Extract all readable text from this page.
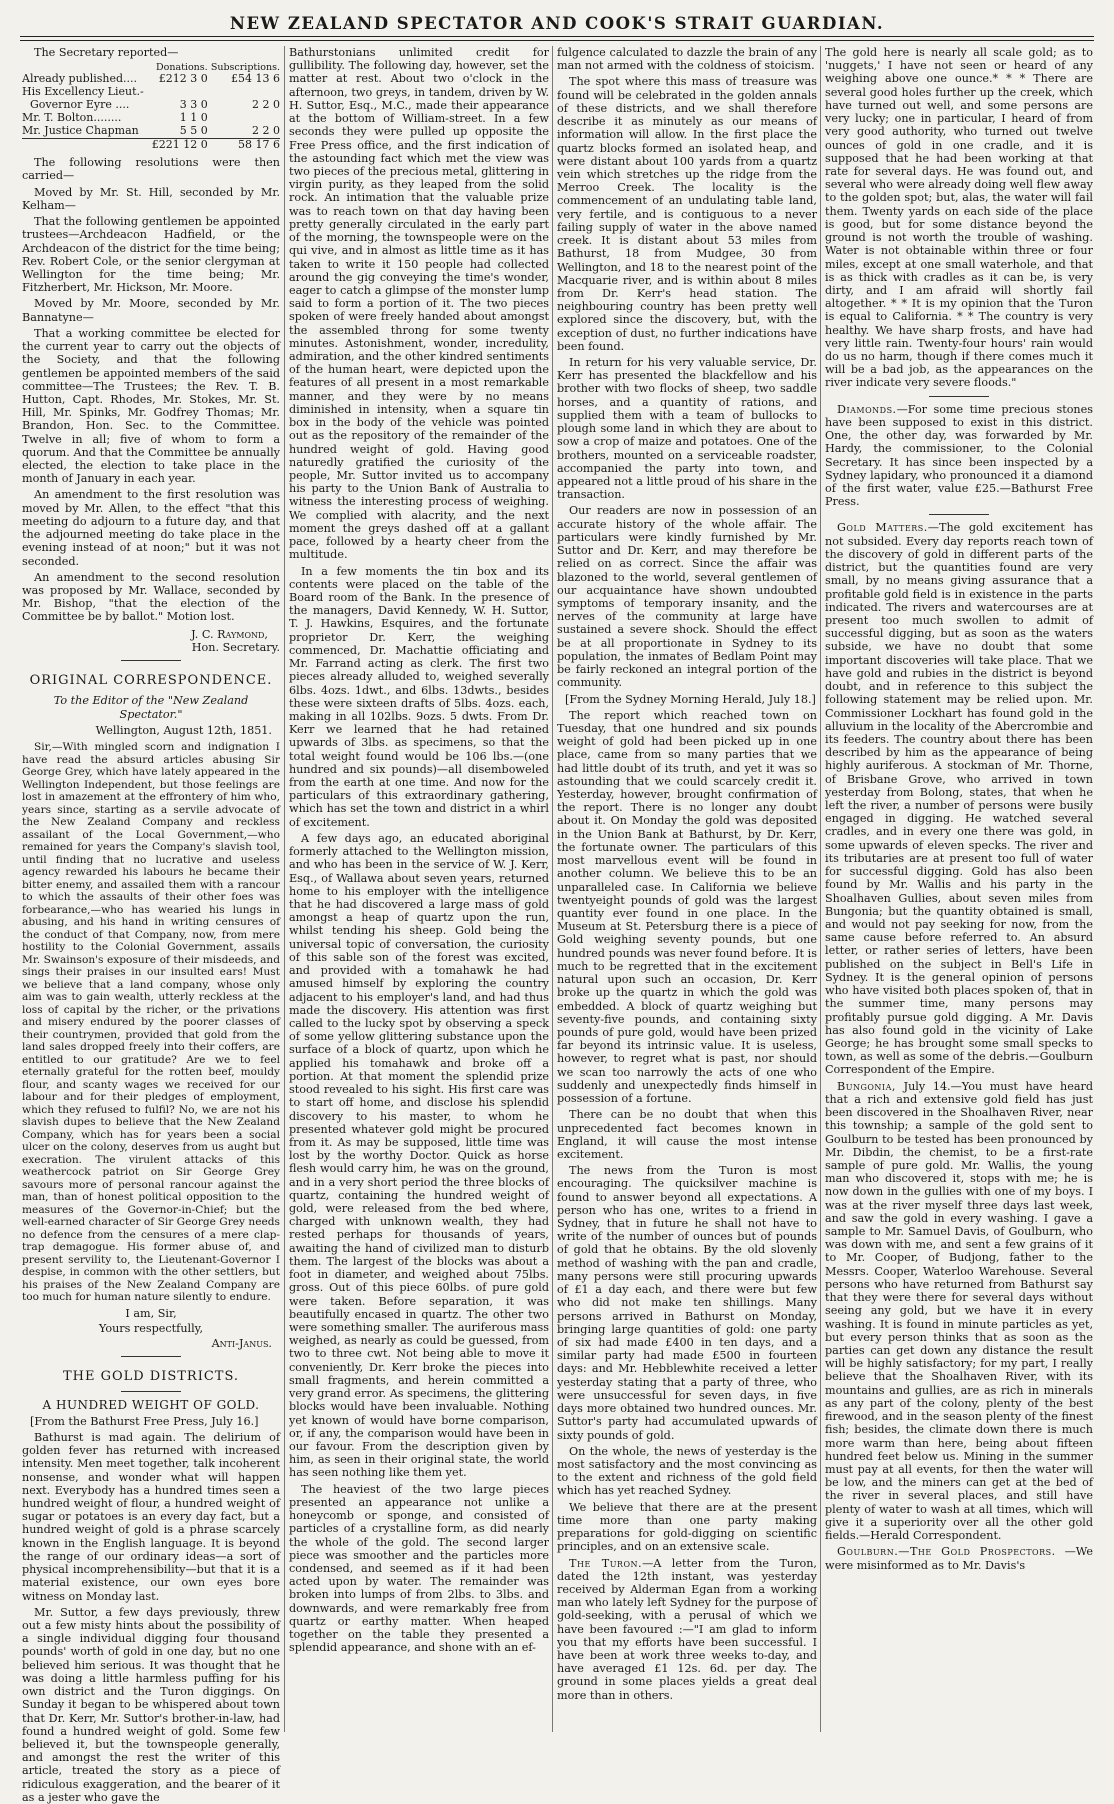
NEW ZEALAND SPECTATOR AND COOK'S STRAIT GUARDIAN.

The Secretary reported—

	Donations.	Subscriptions.
Already published....	£212 3 0	£54 13 6
His Excellency Lieut.-		
Governor Eyre ....	3 3 0	2 2 0
Mr. T. Bolton........	1 1 0	
Mr. Justice Chapman	5 5 0	2 2 0
	£221 12 0	58 17 6

The following resolutions were then carried—

Moved by Mr. St. Hill, seconded by Mr. Kelham—

That the following gentlemen be appointed trustees—Archdeacon Hadfield, or the Archdeacon of the district for the time being; Rev. Robert Cole, or the senior clergyman at Wellington for the time being; Mr. Fitzherbert, Mr. Hickson, Mr. Moore.

Moved by Mr. Moore, seconded by Mr. Bannatyne—

That a working committee be elected for the current year to carry out the objects of the Society, and that the following gentlemen be appointed members of the said committee—The Trustees; the Rev. T. B. Hutton, Capt. Rhodes, Mr. Stokes, Mr. St. Hill, Mr. Spinks, Mr. Godfrey Thomas; Mr. Brandon, Hon. Sec. to the Committee. Twelve in all; five of whom to form a quorum. And that the Committee be annually elected, the election to take place in the month of January in each year.

An amendment to the first resolution was moved by Mr. Allen, to the effect "that this meeting do adjourn to a future day, and that the adjourned meeting do take place in the evening instead of at noon;" but it was not seconded.

An amendment to the second resolution was proposed by Mr. Wallace, seconded by Mr. Bishop, "that the election of the Committee be by ballot." Motion lost.

J. C. Raymond,

Hon. Secretary.

ORIGINAL CORRESPONDENCE.

To the Editor of the "New Zealand Spectator."

Wellington, August 12th, 1851.

Sir,—With mingled scorn and indignation I have read the absurd articles abusing Sir George Grey, which have lately appeared in the Wellington Independent, but those feelings are lost in amazement at the effrontery of him who, years since, starting as a servile advocate of the New Zealand Company and reckless assailant of the Local Government,—who remained for years the Company's slavish tool, until finding that no lucrative and useless agency rewarded his labours he became their bitter enemy, and assailed them with a rancour to which the assaults of their other foes was forbearance,—who has wearied his lungs in abusing, and his hand in writing censures of the conduct of that Company, now, from mere hostility to the Colonial Government, assails Mr. Swainson's exposure of their misdeeds, and sings their praises in our insulted ears! Must we believe that a land company, whose only aim was to gain wealth, utterly reckless at the loss of capital by the richer, or the privations and misery endured by the poorer classes of their countrymen, provided that gold from the land sales dropped freely into their coffers, are entitled to our gratitude? Are we to feel eternally grateful for the rotten beef, mouldy flour, and scanty wages we received for our labour and for their pledges of employment, which they refused to fulfil? No, we are not his slavish dupes to believe that the New Zealand Company, which has for years been a social ulcer on the colony, deserves from us aught but execration. The virulent attacks of this weathercock patriot on Sir George Grey savours more of personal rancour against the man, than of honest political opposition to the measures of the Governor-in-Chief; but the well-earned character of Sir George Grey needs no defence from the censures of a mere clap-trap demagogue. His former abuse of, and present servility to, the Lieutenant-Governor I despise, in common with the other settlers, but his praises of the New Zealand Company are too much for human nature silently to endure.

I am, Sir,

Yours respectfully,

Anti-Janus.

THE GOLD DISTRICTS.

A HUNDRED WEIGHT OF GOLD.

[From the Bathurst Free Press, July 16.]

Bathurst is mad again. The delirium of golden fever has returned with increased intensity. Men meet together, talk incoherent nonsense, and wonder what will happen next. Everybody has a hundred times seen a hundred weight of flour, a hundred weight of sugar or potatoes is an every day fact, but a hundred weight of gold is a phrase scarcely known in the English language. It is beyond the range of our ordinary ideas—a sort of physical incomprehensibility—but that it is a material existence, our own eyes bore witness on Monday last.

Mr. Suttor, a few days previously, threw out a few misty hints about the possibility of a single individual digging four thousand pounds' worth of gold in one day, but no one believed him serious. It was thought that he was doing a little harmless puffing for his own district and the Turon diggings. On Sunday it began to be whispered about town that Dr. Kerr, Mr. Suttor's brother-in-law, had found a hundred weight of gold. Some few believed it, but the townspeople generally, and amongst the rest the writer of this article, treated the story as a piece of ridiculous exaggeration, and the bearer of it as a jester who gave the

Bathurstonians unlimited credit for gullibility. The following day, however, set the matter at rest. About two o'clock in the afternoon, two greys, in tandem, driven by W. H. Suttor, Esq., M.C., made their appearance at the bottom of William-street. In a few seconds they were pulled up opposite the Free Press office, and the first indication of the astounding fact which met the view was two pieces of the precious metal, glittering in virgin purity, as they leaped from the solid rock. An intimation that the valuable prize was to reach town on that day having been pretty generally circulated in the early part of the morning, the townspeople were on the qui vive, and in almost as little time as it has taken to write it 150 people had collected around the gig conveying the time's wonder, eager to catch a glimpse of the monster lump said to form a portion of it. The two pieces spoken of were freely handed about amongst the assembled throng for some twenty minutes. Astonishment, wonder, incredulity, admiration, and the other kindred sentiments of the human heart, were depicted upon the features of all present in a most remarkable manner, and they were by no means diminished in intensity, when a square tin box in the body of the vehicle was pointed out as the repository of the remainder of the hundred weight of gold. Having good naturedly gratified the curiosity of the people, Mr. Suttor invited us to accompany his party to the Union Bank of Australia to witness the interesting process of weighing. We complied with alacrity, and the next moment the greys dashed off at a gallant pace, followed by a hearty cheer from the multitude.

In a few moments the tin box and its contents were placed on the table of the Board room of the Bank. In the presence of the managers, David Kennedy, W. H. Suttor, T. J. Hawkins, Esquires, and the fortunate proprietor Dr. Kerr, the weighing commenced, Dr. Machattie officiating and Mr. Farrand acting as clerk. The first two pieces already alluded to, weighed severally 6lbs. 4ozs. 1dwt., and 6lbs. 13dwts., besides these were sixteen drafts of 5lbs. 4ozs. each, making in all 102lbs. 9ozs. 5 dwts. From Dr. Kerr we learned that he had retained upwards of 3lbs. as specimens, so that the total weight found would be 106 lbs.—(one hundred and six pounds)—all disemboweled from the earth at one time. And now for the particulars of this extraordinary gathering, which has set the town and district in a whirl of excitement.

A few days ago, an educated aboriginal formerly attached to the Wellington mission, and who has been in the service of W. J. Kerr, Esq., of Wallawa about seven years, returned home to his employer with the intelligence that he had discovered a large mass of gold amongst a heap of quartz upon the run, whilst tending his sheep. Gold being the universal topic of conversation, the curiosity of this sable son of the forest was excited, and provided with a tomahawk he had amused himself by exploring the country adjacent to his employer's land, and had thus made the discovery. His attention was first called to the lucky spot by observing a speck of some yellow glittering substance upon the surface of a block of quartz, upon which he applied his tomahawk and broke off a portion. At that moment the splendid prize stood revealed to his sight. His first care was to start off home, and disclose his splendid discovery to his master, to whom he presented whatever gold might be procured from it. As may be supposed, little time was lost by the worthy Doctor. Quick as horse flesh would carry him, he was on the ground, and in a very short period the three blocks of quartz, containing the hundred weight of gold, were released from the bed where, charged with unknown wealth, they had rested perhaps for thousands of years, awaiting the hand of civilized man to disturb them. The largest of the blocks was about a foot in diameter, and weighed about 75lbs. gross. Out of this piece 60lbs. of pure gold were taken. Before separation, it was beautifully encased in quartz. The other two were something smaller. The auriferous mass weighed, as nearly as could be guessed, from two to three cwt. Not being able to move it conveniently, Dr. Kerr broke the pieces into small fragments, and herein committed a very grand error. As specimens, the glittering blocks would have been invaluable. Nothing yet known of would have borne comparison, or, if any, the comparison would have been in our favour. From the description given by him, as seen in their original state, the world has seen nothing like them yet.

The heaviest of the two large pieces presented an appearance not unlike a honeycomb or sponge, and consisted of particles of a crystalline form, as did nearly the whole of the gold. The second larger piece was smoother and the particles more condensed, and seemed as if it had been acted upon by water. The remainder was broken into lumps of from 2lbs. to 3lbs. and downwards, and were remarkably free from quartz or earthy matter. When heaped together on the table they presented a splendid appearance, and shone with an ef-

fulgence calculated to dazzle the brain of any man not armed with the coldness of stoicism.

The spot where this mass of treasure was found will be celebrated in the golden annals of these districts, and we shall therefore describe it as minutely as our means of information will allow. In the first place the quartz blocks formed an isolated heap, and were distant about 100 yards from a quartz vein which stretches up the ridge from the Merroo Creek. The locality is the commencement of an undulating table land, very fertile, and is contiguous to a never failing supply of water in the above named creek. It is distant about 53 miles from Bathurst, 18 from Mudgee, 30 from Wellington, and 18 to the nearest point of the Macquarie river, and is within about 8 miles from Dr. Kerr's head station. The neighbouring country has been pretty well explored since the discovery, but, with the exception of dust, no further indications have been found.

In return for his very valuable service, Dr. Kerr has presented the blackfellow and his brother with two flocks of sheep, two saddle horses, and a quantity of rations, and supplied them with a team of bullocks to plough some land in which they are about to sow a crop of maize and potatoes. One of the brothers, mounted on a serviceable roadster, accompanied the party into town, and appeared not a little proud of his share in the transaction.

Our readers are now in possession of an accurate history of the whole affair. The particulars were kindly furnished by Mr. Suttor and Dr. Kerr, and may therefore be relied on as correct. Since the affair was blazoned to the world, several gentlemen of our acquaintance have shown undoubted symptoms of temporary insanity, and the nerves of the community at large have sustained a severe shock. Should the effect be at all proportionate in Sydney to its population, the inmates of Bedlam Point may be fairly reckoned an integral portion of the community.

[From the Sydney Morning Herald, July 18.]

The report which reached town on Tuesday, that one hundred and six pounds weight of gold had been picked up in one place, came from so many parties that we had little doubt of its truth, and yet it was so astounding that we could scarcely credit it. Yesterday, however, brought confirmation of the report. There is no longer any doubt about it. On Monday the gold was deposited in the Union Bank at Bathurst, by Dr. Kerr, the fortunate owner. The particulars of this most marvellous event will be found in another column. We believe this to be an unparalleled case. In California we believe twentyeight pounds of gold was the largest quantity ever found in one place. In the Museum at St. Petersburg there is a piece of Gold weighing seventy pounds, but one hundred pounds was never found before. It is much to be regretted that in the excitement natural upon such an occasion, Dr. Kerr broke up the quartz in which the gold was embedded. A block of quartz weighing but seventy-five pounds, and containing sixty pounds of pure gold, would have been prized far beyond its intrinsic value. It is useless, however, to regret what is past, nor should we scan too narrowly the acts of one who suddenly and unexpectedly finds himself in possession of a fortune.

There can be no doubt that when this unprecedented fact becomes known in England, it will cause the most intense excitement.

The news from the Turon is most encouraging. The quicksilver machine is found to answer beyond all expectations. A person who has one, writes to a friend in Sydney, that in future he shall not have to write of the number of ounces but of pounds of gold that he obtains. By the old slovenly method of washing with the pan and cradle, many persons were still procuring upwards of £1 a day each, and there were but few who did not make ten shillings. Many persons arrived in Bathurst on Monday, bringing large quantities of gold: one party of six had made £400 in ten days, and a similar party had made £500 in fourteen days: and Mr. Hebblewhite received a letter yesterday stating that a party of three, who were unsuccessful for seven days, in five days more obtained two hundred ounces. Mr. Suttor's party had accumulated upwards of sixty pounds of gold.

On the whole, the news of yesterday is the most satisfactory and the most convincing as to the extent and richness of the gold field which has yet reached Sydney.

We believe that there are at the present time more than one party making preparations for gold-digging on scientific principles, and on an extensive scale.

The Turon.—A letter from the Turon, dated the 12th instant, was yesterday received by Alderman Egan from a working man who lately left Sydney for the purpose of gold-seeking, with a perusal of which we have been favoured :—"I am glad to inform you that my efforts have been successful. I have been at work three weeks to-day, and have averaged £1 12s. 6d. per day. The ground in some places yields a great deal more than in others.

The gold here is nearly all scale gold; as to 'nuggets,' I have not seen or heard of any weighing above one ounce.* * * There are several good holes further up the creek, which have turned out well, and some persons are very lucky; one in particular, I heard of from very good authority, who turned out twelve ounces of gold in one cradle, and it is supposed that he had been working at that rate for several days. He was found out, and several who were already doing well flew away to the golden spot; but, alas, the water will fail them. Twenty yards on each side of the place is good, but for some distance beyond the ground is not worth the trouble of washing. Water is not obtainable within three or four miles, except at one small waterhole, and that is as thick with cradles as it can be, is very dirty, and I am afraid will shortly fail altogether. * * It is my opinion that the Turon is equal to California. * * The country is very healthy. We have sharp frosts, and have had very little rain. Twenty-four hours' rain would do us no harm, though if there comes much it will be a bad job, as the appearances on the river indicate very severe floods."

Diamonds.—For some time precious stones have been supposed to exist in this district. One, the other day, was forwarded by Mr. Hardy, the commissioner, to the Colonial Secretary. It has since been inspected by a Sydney lapidary, who pronounced it a diamond of the first water, value £25.—Bathurst Free Press.

Gold Matters.—The gold excitement has not subsided. Every day reports reach town of the discovery of gold in different parts of the district, but the quantities found are very small, by no means giving assurance that a profitable gold field is in existence in the parts indicated. The rivers and watercourses are at present too much swollen to admit of successful digging, but as soon as the waters subside, we have no doubt that some important discoveries will take place. That we have gold and rubies in the district is beyond doubt, and in reference to this subject the following statement may be relied upon. Mr. Commissioner Lockhart has found gold in the alluvium in the locality of the Abercrombie and its feeders. The country about there has been described by him as the appearance of being highly auriferous. A stockman of Mr. Thorne, of Brisbane Grove, who arrived in town yesterday from Bolong, states, that when he left the river, a number of persons were busily engaged in digging. He watched several cradles, and in every one there was gold, in some upwards of eleven specks. The river and its tributaries are at present too full of water for successful digging. Gold has also been found by Mr. Wallis and his party in the Shoalhaven Gullies, about seven miles from Bungonia; but the quantity obtained is small, and would not pay seeking for now, from the same cause before referred to. An absurd letter, or rather series of letters, have been published on the subject in Bell's Life in Sydney. It is the general opinion of persons who have visited both places spoken of, that in the summer time, many persons may profitably pursue gold digging. A Mr. Davis has also found gold in the vicinity of Lake George; he has brought some small specks to town, as well as some of the debris.—Goulburn Correspondent of the Empire.

Bungonia, July 14.—You must have heard that a rich and extensive gold field has just been discovered in the Shoalhaven River, near this township; a sample of the gold sent to Goulburn to be tested has been pronounced by Mr. Dibdin, the chemist, to be a first-rate sample of pure gold. Mr. Wallis, the young man who discovered it, stops with me; he is now down in the gullies with one of my boys. I was at the river myself three days last week, and saw the gold in every washing. I gave a sample to Mr. Samuel Davis, of Goulburn, who was down with me, and sent a few grains of it to Mr. Cooper, of Budjong, father to the Messrs. Cooper, Waterloo Warehouse. Several persons who have returned from Bathurst say that they were there for several days without seeing any gold, but we have it in every washing. It is found in minute particles as yet, but every person thinks that as soon as the parties can get down any distance the result will be highly satisfactory; for my part, I really believe that the Shoalhaven River, with its mountains and gullies, are as rich in minerals as any part of the colony, plenty of the best firewood, and in the season plenty of the finest fish; besides, the climate down there is much more warm than here, being about fifteen hundred feet below us. Mining in the summer must pay at all events, for then the water will be low, and the miners can get at the bed of the river in several places, and still have plenty of water to wash at all times, which will give it a superiority over all the other gold fields.—Herald Correspondent.

Goulburn.—The Gold Prospectors. —We were misinformed as to Mr. Davis's
